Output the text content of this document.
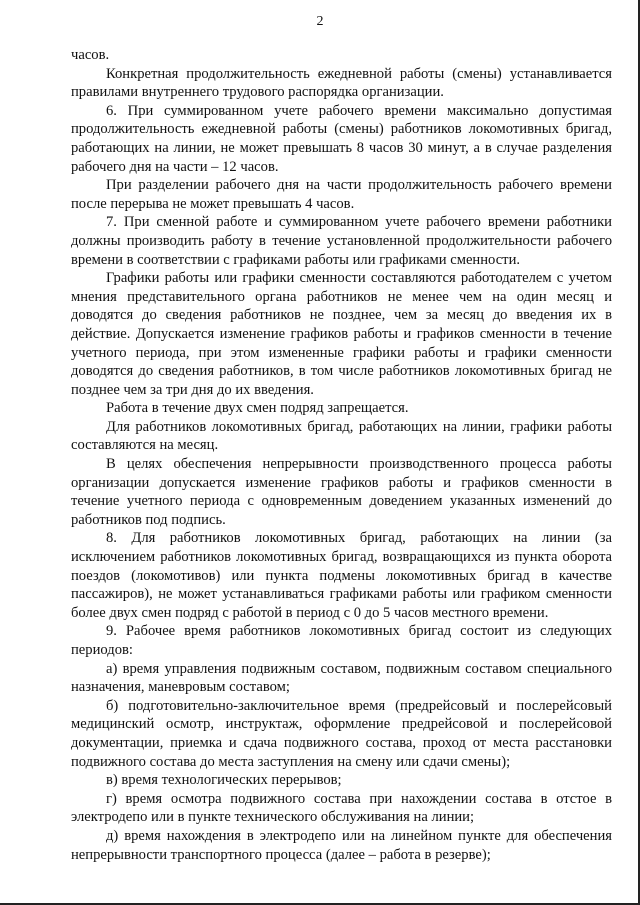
2

часов.

Конкретная продолжительность ежедневной работы (смены) устанавливается правилами внутреннего трудового распорядка организации.

6. При суммированном учете рабочего времени максимально допустимая продолжительность ежедневной работы (смены) работников локомотивных бригад, работающих на линии, не может превышать 8 часов 30 минут, а в случае разделения рабочего дня на части – 12 часов.

При разделении рабочего дня на части продолжительность рабочего времени после перерыва не может превышать 4 часов.

7. При сменной работе и суммированном учете рабочего времени работники должны производить работу в течение установленной продолжительности рабочего времени в соответствии с графиками работы или графиками сменности.

Графики работы или графики сменности составляются работодателем с учетом мнения представительного органа работников не менее чем на один месяц и доводятся до сведения работников не позднее, чем за месяц до введения их в действие. Допускается изменение графиков работы и графиков сменности в течение учетного периода, при этом измененные графики работы и графики сменности доводятся до сведения работников, в том числе работников локомотивных бригад не позднее чем за три дня до их введения.

Работа в течение двух смен подряд запрещается.

Для работников локомотивных бригад, работающих на линии, графики работы составляются на месяц.

В целях обеспечения непрерывности производственного процесса работы организации допускается изменение графиков работы и графиков сменности в течение учетного периода с одновременным доведением указанных изменений до работников под подпись.

8. Для работников локомотивных бригад, работающих на линии (за исключением работников локомотивных бригад, возвращающихся из пункта оборота поездов (локомотивов) или пункта подмены локомотивных бригад в качестве пассажиров), не может устанавливаться графиками работы или графиком сменности более двух смен подряд с работой в период с 0 до 5 часов местного времени.

9. Рабочее время работников локомотивных бригад состоит из следующих периодов:

а) время управления подвижным составом, подвижным составом специального назначения, маневровым составом;

б) подготовительно-заключительное время (предрейсовый и послерейсовый медицинский осмотр, инструктаж, оформление предрейсовой и послерейсовой документации, приемка и сдача подвижного состава, проход от места расстановки подвижного состава до места заступления на смену или сдачи смены);

в) время технологических перерывов;

г) время осмотра подвижного состава при нахождении состава в отстое в электродепо или в пункте технического обслуживания на линии;

д) время нахождения в электродепо или на линейном пункте для обеспечения непрерывности транспортного процесса (далее – работа в резерве);
